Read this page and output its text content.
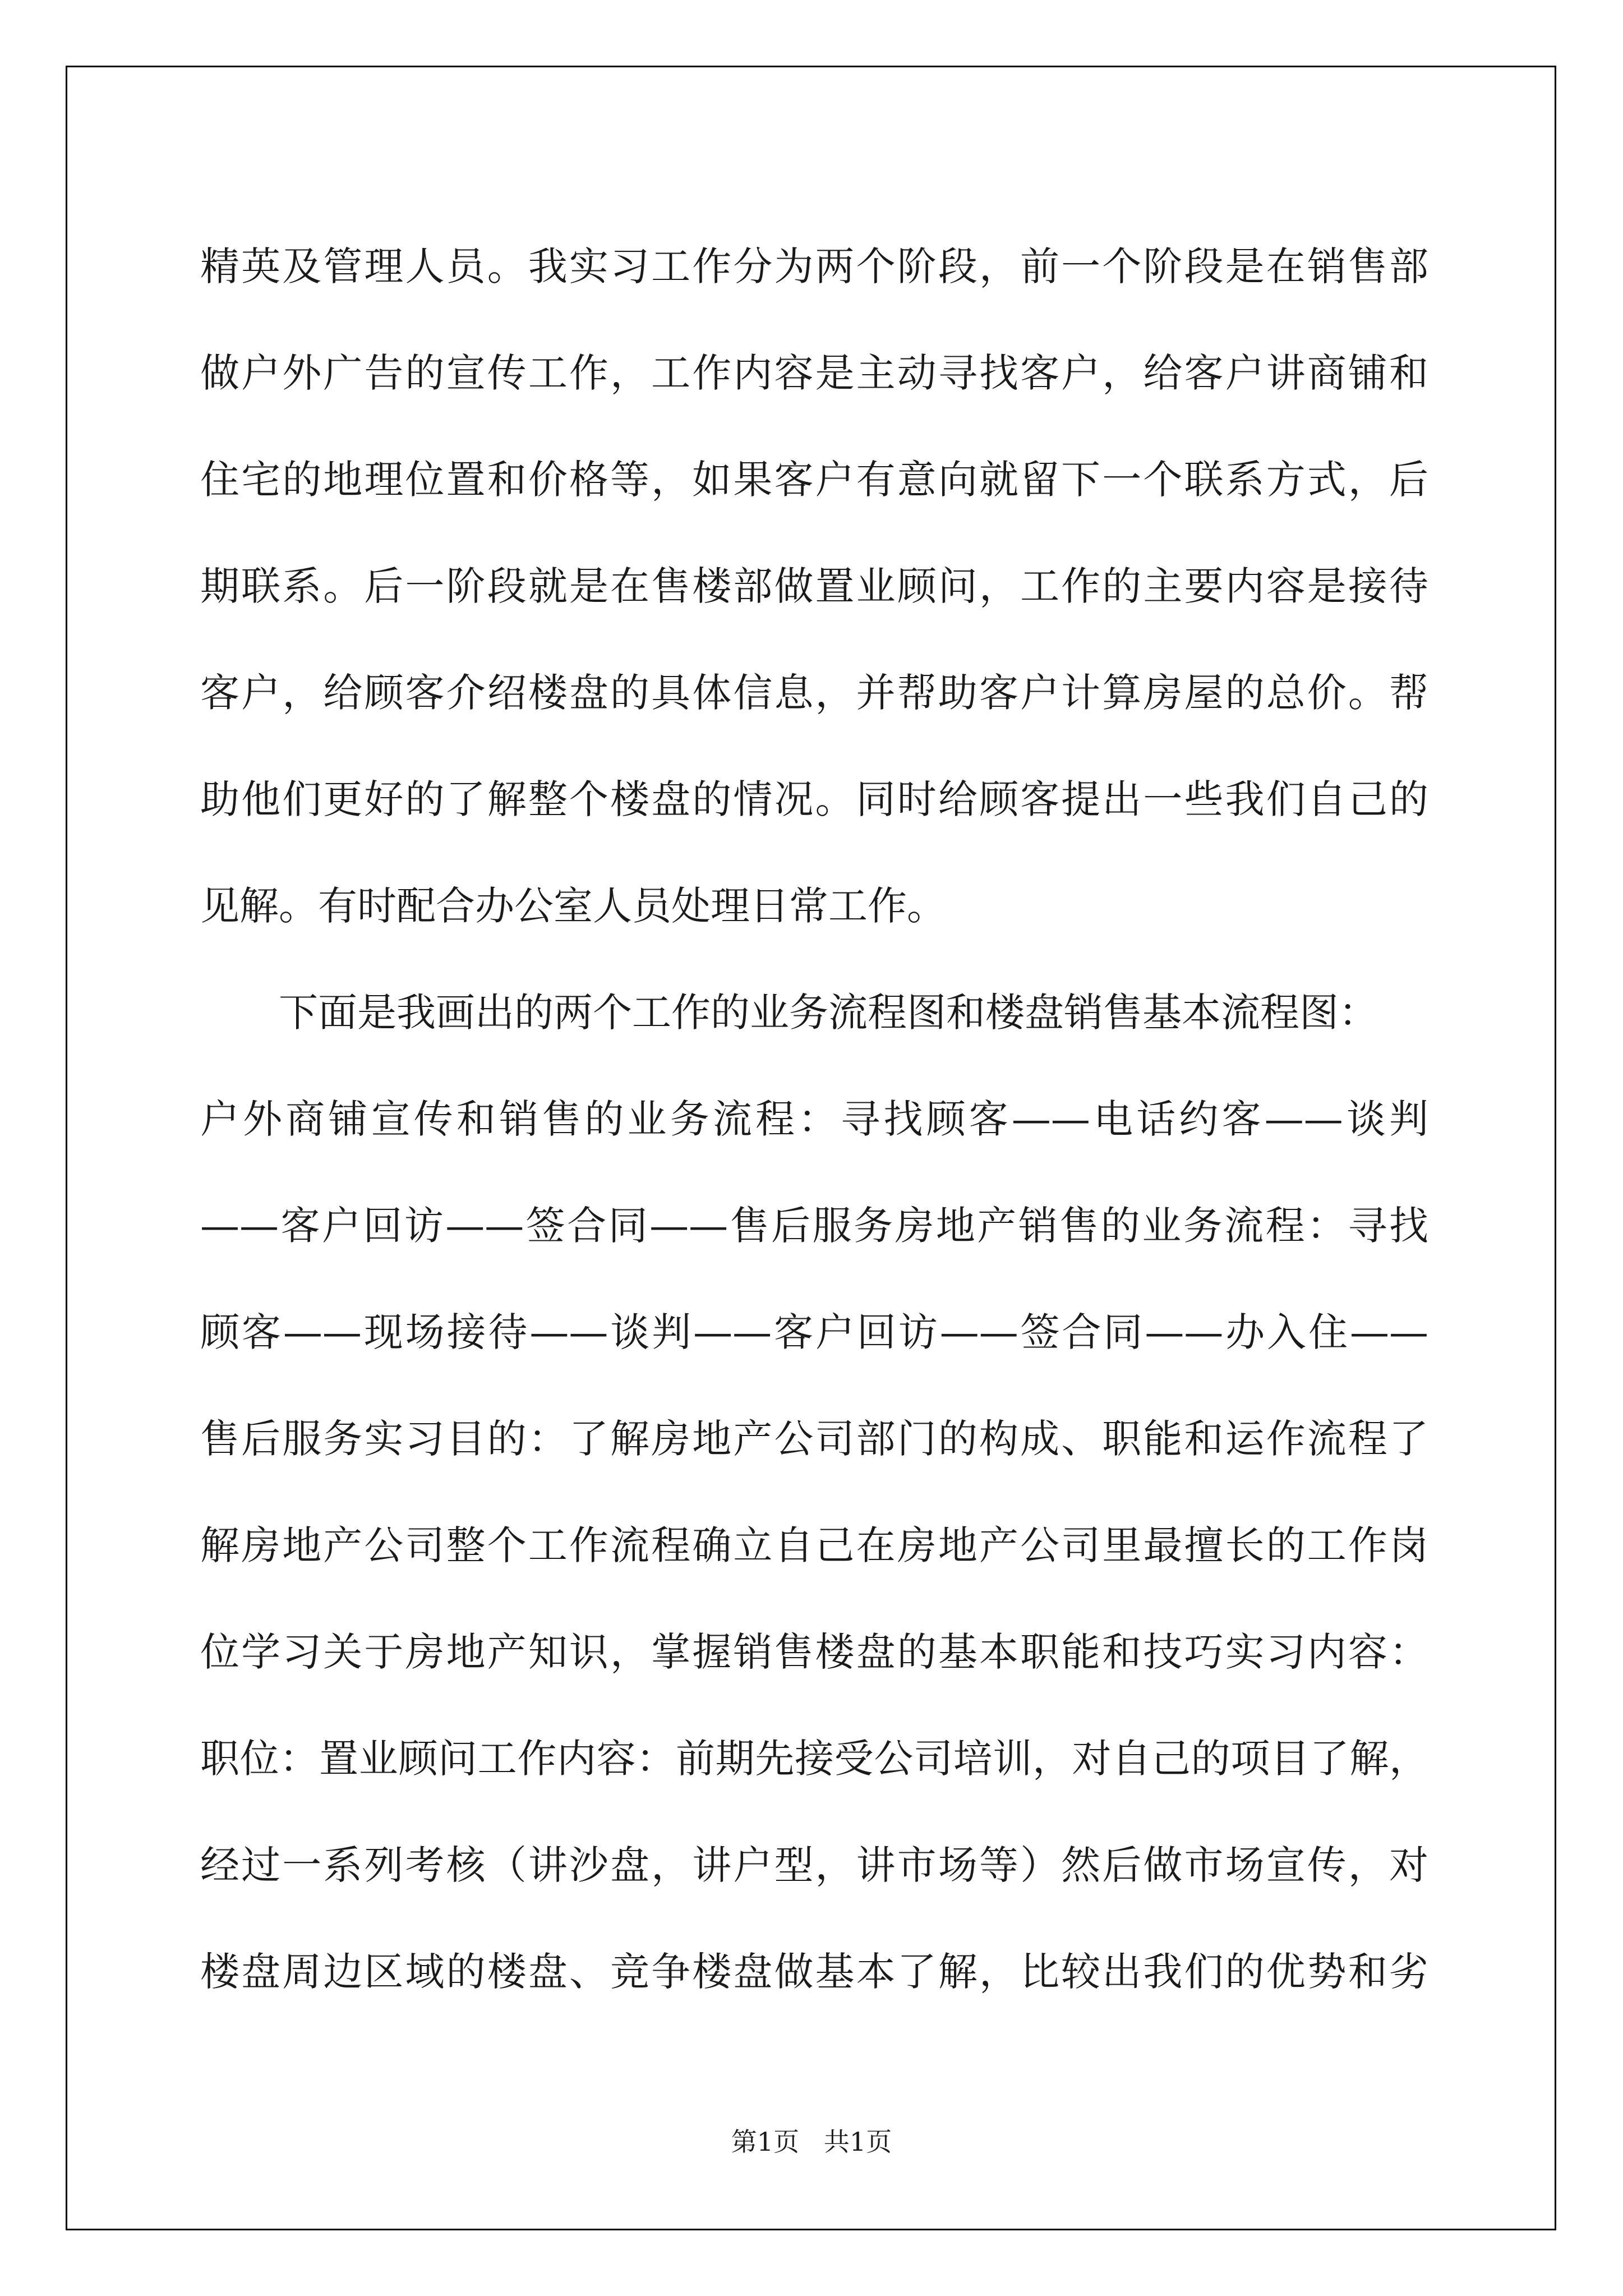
精英及管理人员。我实习工作分为两个阶段，前一个阶段是在销售部
做户外广告的宣传工作，工作内容是主动寻找客户，给客户讲商铺和
住宅的地理位置和价格等，如果客户有意向就留下一个联系方式，后
期联系。后一阶段就是在售楼部做置业顾问，工作的主要内容是接待
客户，给顾客介绍楼盘的具体信息，并帮助客户计算房屋的总价。帮
助他们更好的了解整个楼盘的情况。同时给顾客提出一些我们自己的
见解。有时配合办公室人员处理日常工作。
下面是我画出的两个工作的业务流程图和楼盘销售基本流程图：
户外商铺宣传和销售的业务流程：寻找顾客——电话约客——谈判
——客户回访——签合同——售后服务房地产销售的业务流程：寻找
顾客——现场接待——谈判——客户回访——签合同——办入住——
售后服务实习目的：了解房地产公司部门的构成、职能和运作流程了
解房地产公司整个工作流程确立自己在房地产公司里最擅长的工作岗
位学习关于房地产知识，掌握销售楼盘的基本职能和技巧实习内容：
职位：置业顾问工作内容：前期先接受公司培训，对自己的项目了解，
经过一系列考核（讲沙盘，讲户型，讲市场等）然后做市场宣传，对
楼盘周边区域的楼盘、竞争楼盘做基本了解，比较出我们的优势和劣
第1页   共1页
